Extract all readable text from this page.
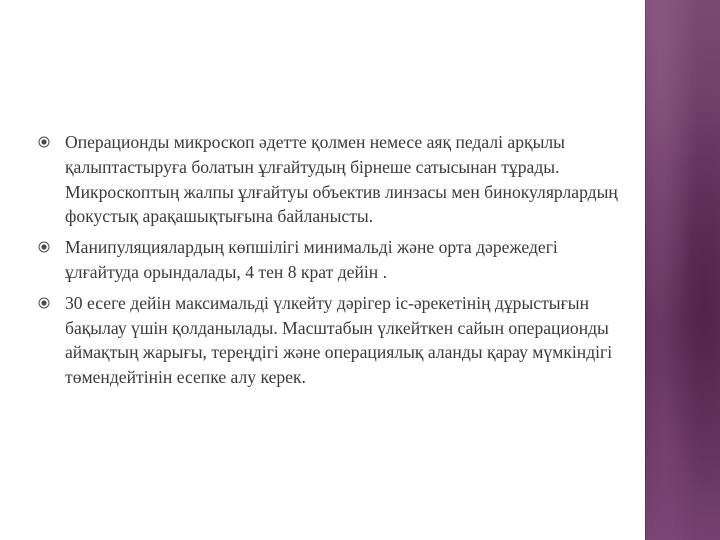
Операционды микроскоп әдетте қолмен немесе аяқ педалі арқылы қалыптастыруға болатын ұлғайтудың бірнеше сатысынан тұрады. Микроскоптың жалпы ұлғайтуы объектив линзасы мен бинокулярлардың фокустық арақашықтығына байланысты.
Манипуляциялардың көпшілігі минимальді және орта дәрежедегі ұлғайтуда орындалады, 4 тен 8 крат дейін .
30 есеге дейін максимальді үлкейту дәрігер іс-әрекетінің дұрыстығын бақылау үшін қолданылады. Масштабын үлкейткен сайын операционды аймақтың жарығы, тереңдігі және операциялық аланды қарау мүмкіндігі төмендейтінін есепке алу керек.
